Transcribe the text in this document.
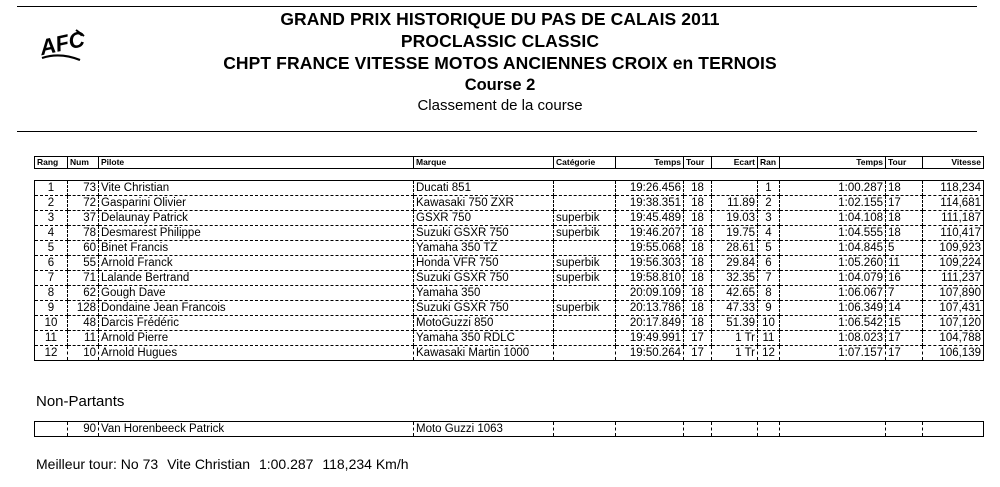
AFC
GRAND PRIX HISTORIQUE DU PAS DE CALAIS 2011
PROCLASSIC CLASSIC
CHPT FRANCE VITESSE MOTOS ANCIENNES CROIX en TERNOIS
Course 2
Classement de la course
Rang	Num	Pilote	Marque	Catégorie	Temps	Tour	Ecart	Ran	Temps	Tour	Vitesse

1	73	Vite Christian	Ducati 851		19:26.456	18		1	1:00.287	18	118,234
2	72	Gasparini Olivier	Kawasaki 750 ZXR		19:38.351	18	11.89	2	1:02.155	17	114,681
3	37	Delaunay Patrick	GSXR 750	superbik	19:45.489	18	19.03	3	1:04.108	18	111,187
4	78	Desmarest Philippe	Suzuki GSXR 750	superbik	19:46.207	18	19.75	4	1:04.555	18	110,417
5	60	Binet Francis	Yamaha 350 TZ		19:55.068	18	28.61	5	1:04.845	5	109,923
6	55	Arnold Franck	Honda VFR 750	superbik	19:56.303	18	29.84	6	1:05.260	11	109,224
7	71	Lalande Bertrand	Suzuki GSXR 750	superbik	19:58.810	18	32.35	7	1:04.079	16	111,237
8	62	Gough Dave	Yamaha 350		20:09.109	18	42.65	8	1:06.067	7	107,890
9	128	Dondaine Jean Francois	Suzuki GSXR 750	superbik	20:13.786	18	47.33	9	1:06.349	14	107,431
10	48	Darcis Frédéric	MotoGuzzi 850		20:17.849	18	51.39	10	1:06.542	15	107,120
11	11	Arnold Pierre	Yamaha 350 RDLC		19:49.991	17	1 Tr	11	1:08.023	17	104,788
12	10	Arnold Hugues	Kawasaki Martin 1000		19:50.264	17	1 Tr	12	1:07.157	17	106,139
Non-Partants
	90	Van Horenbeeck Patrick	Moto Guzzi 1063								
Meilleur tour: No 73 Vite Christian 1:00.287 118,234 Km/h
